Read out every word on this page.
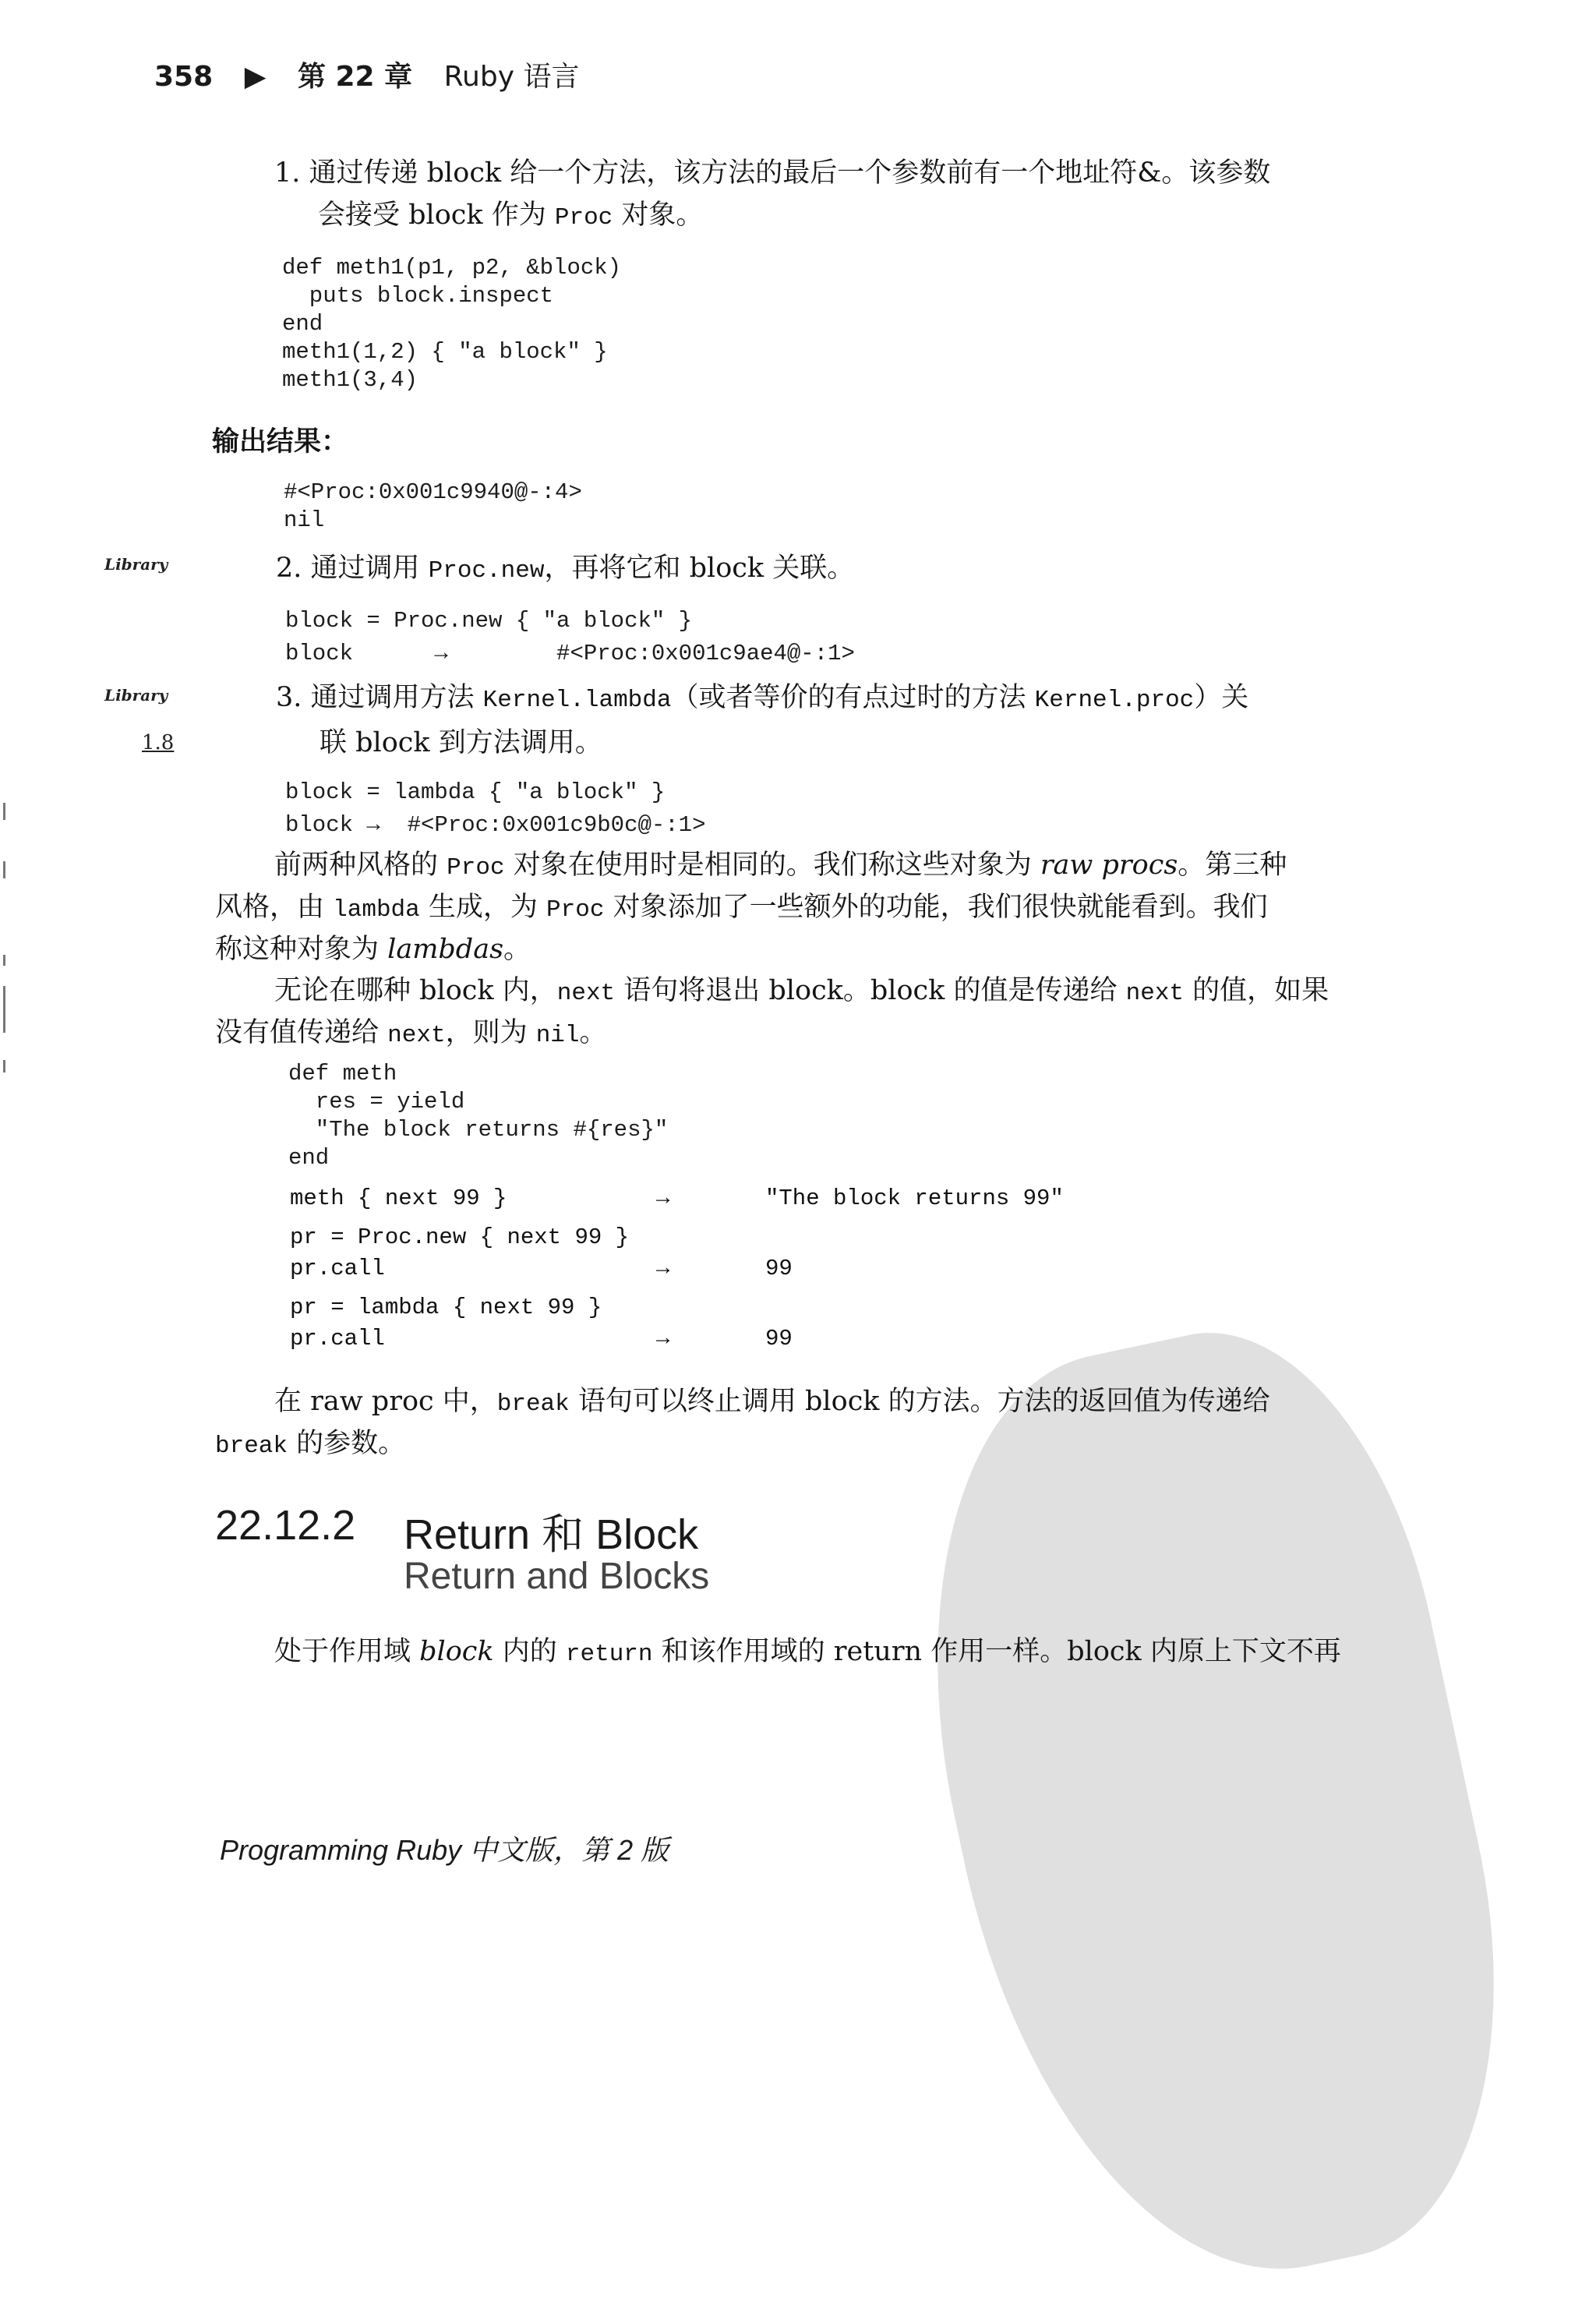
358 ▶ 第 22 章 Ruby 语言
1. 通过传递 block 给一个方法，该方法的最后一个参数前有一个地址符&。该参数
会接受 block 作为 Proc 对象。
def meth1(p1, p2, &block)
puts block.inspect
end
meth1(1,2) { "a block" }
meth1(3,4)
输出结果：
#<Proc:0x001c9940@-:4>
nil
Library	2. 通过调用 Proc.new，再将它和 block 关联。
block = Proc.new { "a block" }
block      →        #<Proc:0x001c9ae4@-:1>
Library
1.8
3. 通过调用方法 Kernel.lambda（或者等价的有点过时的方法 Kernel.proc）关
联 block 到方法调用。
block = lambda { "a block" }
block →  #<Proc:0x001c9b0c@-:1>
前两种风格的 Proc 对象在使用时是相同的。我们称这些对象为 raw procs。第三种
风格，由 lambda 生成，为 Proc 对象添加了一些额外的功能，我们很快就能看到。我们
称这种对象为 lambdas。
无论在哪种 block 内，next 语句将退出 block。block 的值是传递给 next 的值，如果
没有值传递给 next，则为 nil。
def meth
res = yield
"The block returns #{res}"
end
meth { next 99 }	→	"The block returns 99"
pr = Proc.new { next 99 }
pr.call	→	99
pr = lambda { next 99 }
pr.call	→	99
在 raw proc 中，break 语句可以终止调用 block 的方法。方法的返回值为传递给
break 的参数。
22.12.2 Return 和 Block
Return and Blocks
处于作用域 block 内的 return 和该作用域的 return 作用一样。block 内原上下文不再
Programming Ruby 中文版，第 2 版
